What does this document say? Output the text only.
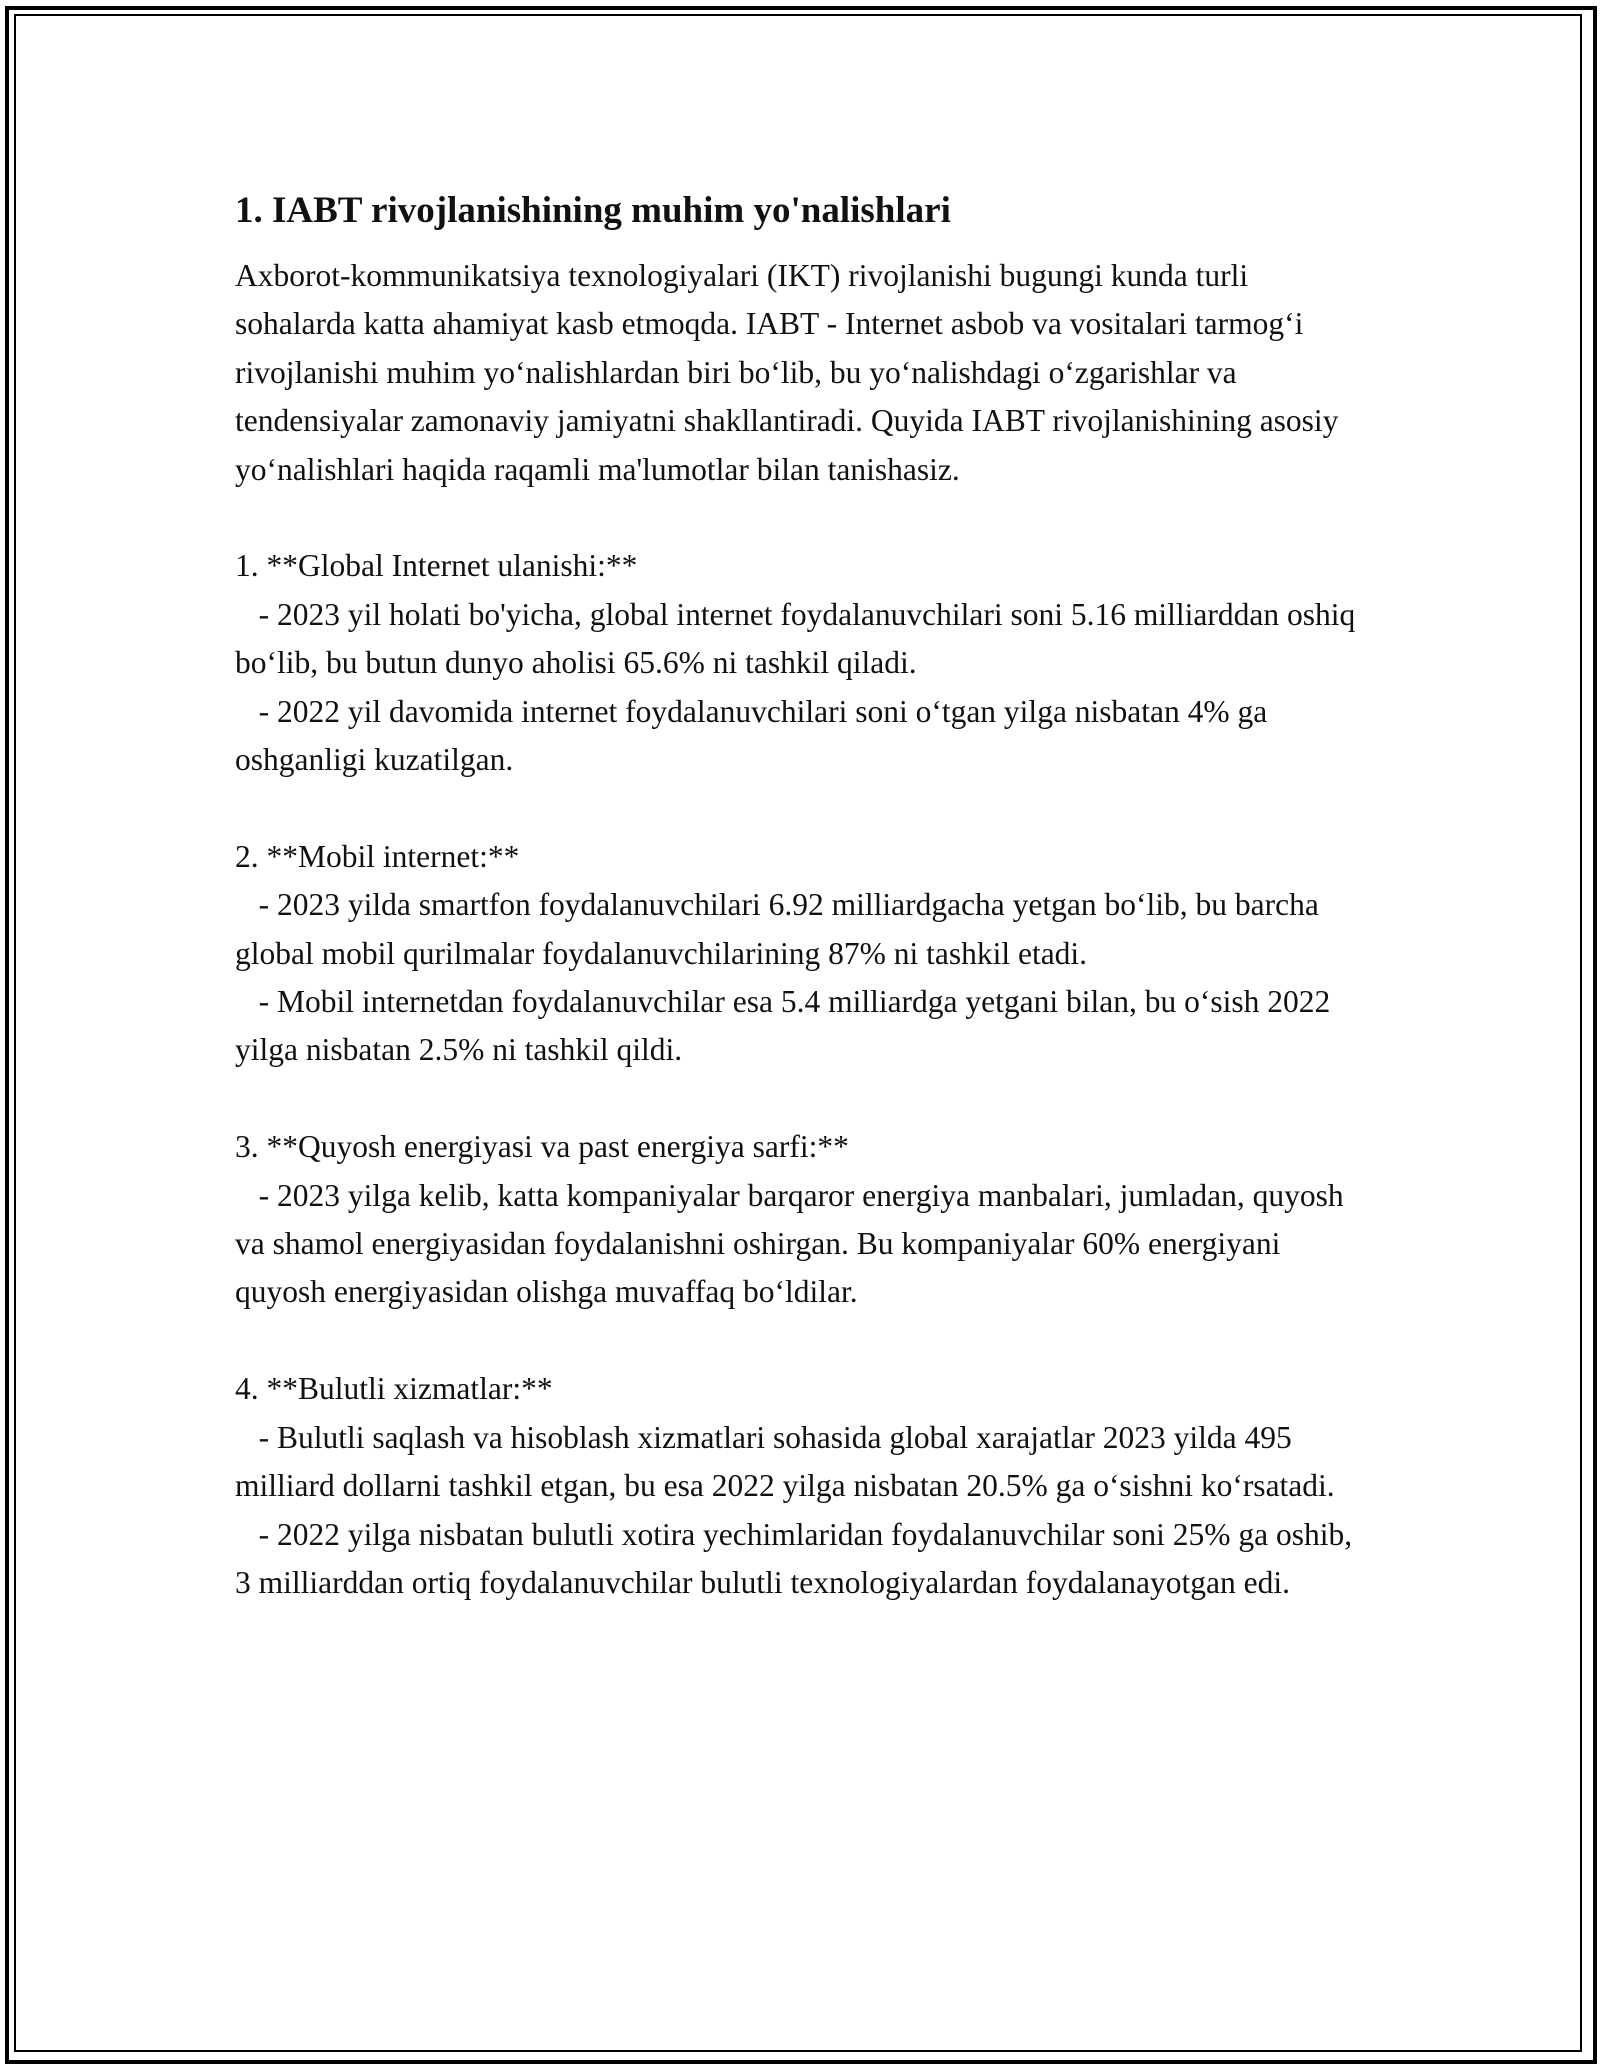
1. IABT rivojlanishining muhim yo'nalishlari

Axborot-kommunikatsiya texnologiyalari (IKT) rivojlanishi bugungi kunda turli sohalarda katta ahamiyat kasb etmoqda. IABT - Internet asbob va vositalari tarmog‘i rivojlanishi muhim yo‘nalishlardan biri bo‘lib, bu yo‘nalishdagi o‘zgarishlar va tendensiyalar zamonaviy jamiyatni shakllantiradi. Quyida IABT rivojlanishining asosiy yo‘nalishlari haqida raqamli ma'lumotlar bilan tanishasiz.

1. **Global Internet ulanishi:**

- 2023 yil holati bo'yicha, global internet foydalanuvchilari soni 5.16 milliarddan oshiq bo‘lib, bu butun dunyo aholisi 65.6% ni tashkil qiladi.

- 2022 yil davomida internet foydalanuvchilari soni o‘tgan yilga nisbatan 4% ga oshganligi kuzatilgan.

2. **Mobil internet:**

- 2023 yilda smartfon foydalanuvchilari 6.92 milliardgacha yetgan bo‘lib, bu barcha global mobil qurilmalar foydalanuvchilarining 87% ni tashkil etadi.

- Mobil internetdan foydalanuvchilar esa 5.4 milliardga yetgani bilan, bu o‘sish 2022 yilga nisbatan 2.5% ni tashkil qildi.

3. **Quyosh energiyasi va past energiya sarfi:**

- 2023 yilga kelib, katta kompaniyalar barqaror energiya manbalari, jumladan, quyosh va shamol energiyasidan foydalanishni oshirgan. Bu kompaniyalar 60% energiyani quyosh energiyasidan olishga muvaffaq bo‘ldilar.

4. **Bulutli xizmatlar:**

- Bulutli saqlash va hisoblash xizmatlari sohasida global xarajatlar 2023 yilda 495 milliard dollarni tashkil etgan, bu esa 2022 yilga nisbatan 20.5% ga o‘sishni ko‘rsatadi.

- 2022 yilga nisbatan bulutli xotira yechimlaridan foydalanuvchilar soni 25% ga oshib, 3 milliarddan ortiq foydalanuvchilar bulutli texnologiyalardan foydalanayotgan edi.
